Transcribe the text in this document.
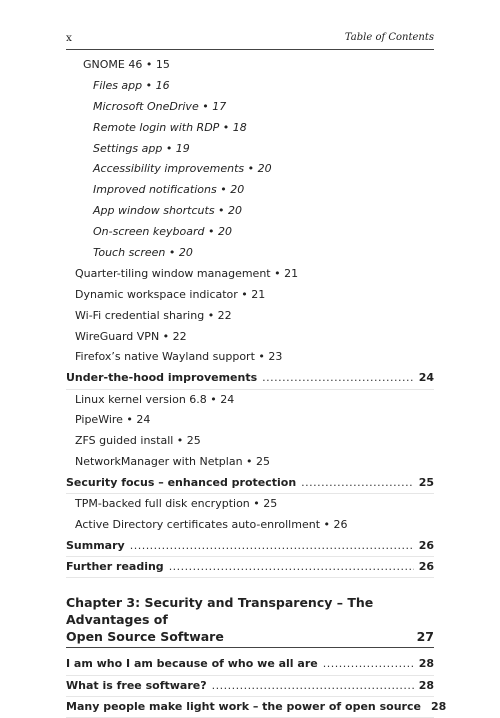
x	Table of Contents
GNOME 46 • 15
Files app • 16
Microsoft OneDrive • 17
Remote login with RDP • 18
Settings app • 19
Accessibility improvements • 20
Improved notifications • 20
App window shortcuts • 20
On-screen keyboard • 20
Touch screen • 20
Quarter-tiling window management • 21
Dynamic workspace indicator • 21
Wi-Fi credential sharing • 22
WireGuard VPN • 22
Firefox’s native Wayland support • 23
Under-the-hood improvements .....	24
Linux kernel version 6.8 • 24
PipeWire • 24
ZFS guided install • 25
NetworkManager with Netplan • 25
Security focus – enhanced protection .....	25
TPM-backed full disk encryption • 25
Active Directory certificates auto-enrollment • 26
Summary .....	26
Further reading .....	26
Chapter 3: Security and Transparency – The Advantages of
Open Source Software	27
I am who I am because of who we all are .....	28
What is free software? .....	28
Many people make light work – the power of open source 28
